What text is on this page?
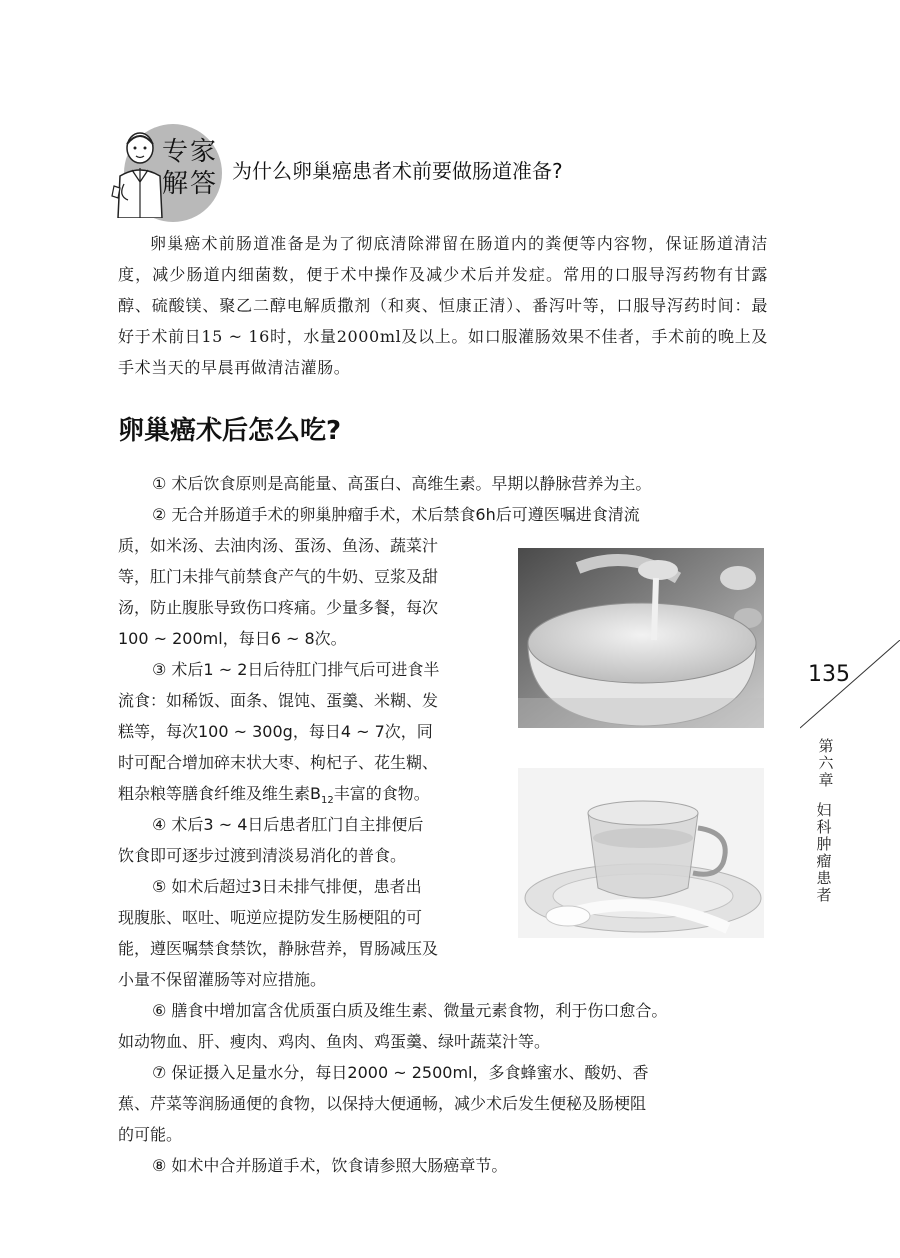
专家
解答 为什么卵巢癌患者术前要做肠道准备?
卵巢癌术前肠道准备是为了彻底清除滞留在肠道内的粪便等内容物，保证肠道清洁度，减少肠道内细菌数，便于术中操作及减少术后并发症。常用的口服导泻药物有甘露醇、硫酸镁、聚乙二醇电解质撒剂（和爽、恒康正清）、番泻叶等，口服导泻药时间：最好于术前日15 ~ 16时，水量2000ml及以上。如口服灌肠效果不佳者，手术前的晚上及手术当天的早晨再做清洁灌肠。
卵巢癌术后怎么吃?
① 术后饮食原则是高能量、高蛋白、高维生素。早期以静脉营养为主。
② 无合并肠道手术的卵巢肿瘤手术，术后禁食6h后可遵医嘱进食清流
质，如米汤、去油肉汤、蛋汤、鱼汤、蔬菜汁
等，肛门未排气前禁食产气的牛奶、豆浆及甜
汤，防止腹胀导致伤口疼痛。少量多餐，每次
100 ~ 200ml，每日6 ~ 8次。
③ 术后1 ~ 2日后待肛门排气后可进食半
流食：如稀饭、面条、馄饨、蛋羹、米糊、发
糕等，每次100 ~ 300g，每日4 ~ 7次，同
时可配合增加碎末状大枣、枸杞子、花生糊、
粗杂粮等膳食纤维及维生素$B_{12}$丰富的食物。
④ 术后3 ~ 4日后患者肛门自主排便后
饮食即可逐步过渡到清淡易消化的普食。
⑤ 如术后超过3日未排气排便，患者出
现腹胀、呕吐、呃逆应提防发生肠梗阻的可
能，遵医嘱禁食禁饮，静脉营养，胃肠减压及
小量不保留灌肠等对应措施。
⑥ 膳食中增加富含优质蛋白质及维生素、微量元素食物，利于伤口愈合。
如动物血、肝、瘦肉、鸡肉、鱼肉、鸡蛋羹、绿叶蔬菜汁等。
⑦ 保证摄入足量水分，每日2000 ~ 2500ml，多食蜂蜜水、酸奶、香
蕉、芹菜等润肠通便的食物，以保持大便通畅，减少术后发生便秘及肠梗阻
的可能。
⑧ 如术中合并肠道手术，饮食请参照大肠癌章节。
135
第六章
妇科肿瘤患者
